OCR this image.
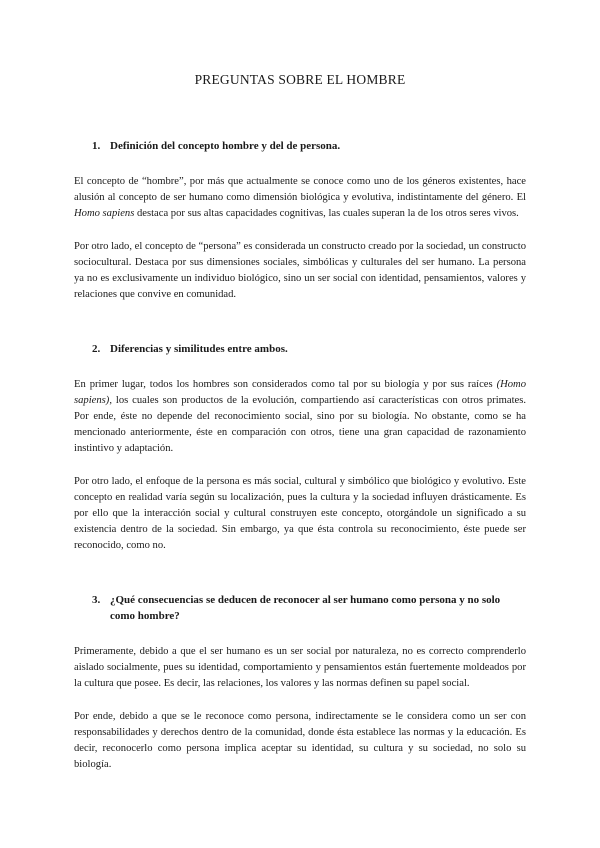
PREGUNTAS SOBRE EL HOMBRE
1. Definición del concepto hombre y del de persona.

El concepto de “hombre”, por más que actualmente se conoce como uno de los géneros existentes, hace alusión al concepto de ser humano como dimensión biológica y evolutiva, indistintamente del género. El Homo sapiens destaca por sus altas capacidades cognitivas, las cuales superan la de los otros seres vivos.

Por otro lado, el concepto de “persona” es considerada un constructo creado por la sociedad, un constructo sociocultural. Destaca por sus dimensiones sociales, simbólicas y culturales del ser humano. La persona ya no es exclusivamente un individuo biológico, sino un ser social con identidad, pensamientos, valores y relaciones que convive en comunidad.

2. Diferencias y similitudes entre ambos.

En primer lugar, todos los hombres son considerados como tal por su biología y por sus raíces (Homo sapiens), los cuales son productos de la evolución, compartiendo así características con otros primates. Por ende, éste no depende del reconocimiento social, sino por su biología. No obstante, como se ha mencionado anteriormente, éste en comparación con otros, tiene una gran capacidad de razonamiento instintivo y adaptación.

Por otro lado, el enfoque de la persona es más social, cultural y simbólico que biológico y evolutivo. Este concepto en realidad varía según su localización, pues la cultura y la sociedad influyen drásticamente. Es por ello que la interacción social y cultural construyen este concepto, otorgándole un significado a su existencia dentro de la sociedad. Sin embargo, ya que ésta controla su reconocimiento, éste puede ser reconocido, como no.

3. ¿Qué consecuencias se deducen de reconocer al ser humano como persona y no solo como hombre?

Primeramente, debido a que el ser humano es un ser social por naturaleza, no es correcto comprenderlo aislado socialmente, pues su identidad, comportamiento y pensamientos están fuertemente moldeados por la cultura que posee. Es decir, las relaciones, los valores y las normas definen su papel social.

Por ende, debido a que se le reconoce como persona, indirectamente se le considera como un ser con responsabilidades y derechos dentro de la comunidad, donde ésta establece las normas y la educación. Es decir, reconocerlo como persona implica aceptar su identidad, su cultura y su sociedad, no solo su biología.
